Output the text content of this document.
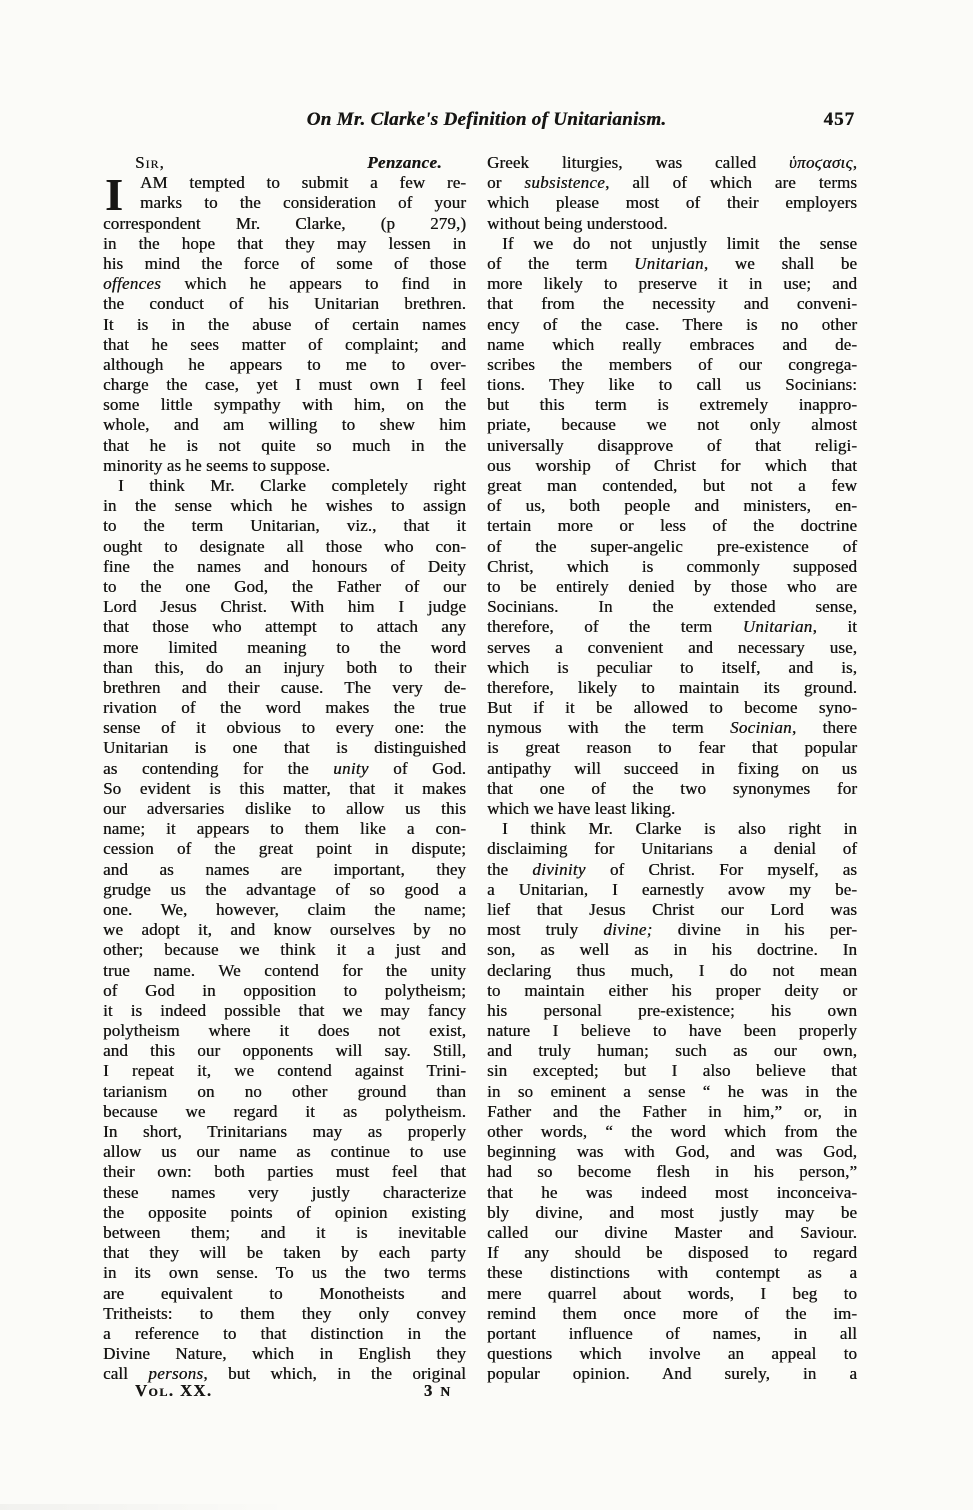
On Mr. Clarke's Definition of Unitarianism.	457
Sir,	Penzance.
I	AM tempted to submit a few re-
marks to the consideration of your
correspondent Mr. Clarke, (p 279,)
in the hope that they may lessen in
his mind the force of some of those
offences which he appears to find in
the conduct of his Unitarian brethren.
It is in the abuse of certain names
that he sees matter of complaint; and
although he appears to me to over-
charge the case, yet I must own I feel
some little sympathy with him, on the
whole, and am willing to shew him
that he is not quite so much in the
minority as he seems to suppose.
I think Mr. Clarke completely right
in the sense which he wishes to assign
to the term Unitarian, viz., that it
ought to designate all those who con-
fine the names and honours of Deity
to the one God, the Father of our
Lord Jesus Christ. With him I judge
that those who attempt to attach any
more limited meaning to the word
than this, do an injury both to their
brethren and their cause. The very de-
rivation of the word makes the true
sense of it obvious to every one: the
Unitarian is one that is distinguished
as contending for the unity of God.
So evident is this matter, that it makes
our adversaries dislike to allow us this
name; it appears to them like a con-
cession of the great point in dispute;
and as names are important, they
grudge us the advantage of so good a
one. We, however, claim the name;
we adopt it, and know ourselves by no
other; because we think it a just and
true name. We contend for the unity
of God in opposition to polytheism;
it is indeed possible that we may fancy
polytheism where it does not exist,
and this our opponents will say. Still,
I repeat it, we contend against Trini-
tarianism on no other ground than
because we regard it as polytheism.
In short, Trinitarians may as properly
allow us our name as continue to use
their own: both parties must feel that
these names very justly characterize
the opposite points of opinion existing
between them; and it is inevitable
that they will be taken by each party
in its own sense. To us the two terms
are equivalent to Monotheists and
Tritheists: to them they only convey
a reference to that distinction in the
Divine Nature, which in English they
call persons, but which, in the original
Greek liturgies, was called ὑποϛασις,
or subsistence, all of which are terms
which please most of their employers
without being understood.
If we do not unjustly limit the sense
of the term Unitarian, we shall be
more likely to preserve it in use; and
that from the necessity and conveni-
ency of the case. There is no other
name which really embraces and de-
scribes the members of our congrega-
tions. They like to call us Socinians:
but this term is extremely inappro-
priate, because we not only almost
universally disapprove of that religi-
ous worship of Christ for which that
great man contended, but not a few
of us, both people and ministers, en-
tertain more or less of the doctrine
of the super-angelic pre-existence of
Christ, which is commonly supposed
to be entirely denied by those who are
Socinians. In the extended sense,
therefore, of the term Unitarian, it
serves a convenient and necessary use,
which is peculiar to itself, and is,
therefore, likely to maintain its ground.
But if it be allowed to become syno-
nymous with the term Socinian, there
is great reason to fear that popular
antipathy will succeed in fixing on us
that one of the two synonymes for
which we have least liking.
I think Mr. Clarke is also right in
disclaiming for Unitarians a denial of
the divinity of Christ. For myself, as
a Unitarian, I earnestly avow my be-
lief that Jesus Christ our Lord was
most truly divine; divine in his per-
son, as well as in his doctrine. In
declaring thus much, I do not mean
to maintain either his proper deity or
his personal pre-existence; his own
nature I believe to have been properly
and truly human; such as our own,
sin excepted; but I also believe that
in so eminent a sense “ he was in the
Father and the Father in him,” or, in
other words, “ the word which from the
beginning was with God, and was God,
had so become flesh in his person,”
that he was indeed most inconceiva-
bly divine, and most justly may be
called our divine Master and Saviour.
If any should be disposed to regard
these distinctions with contempt as a
mere quarrel about words, I beg to
remind them once more of the im-
portant influence of names, in all
questions which involve an appeal to
popular opinion. And surely, in a
Vol. XX.	3 N
